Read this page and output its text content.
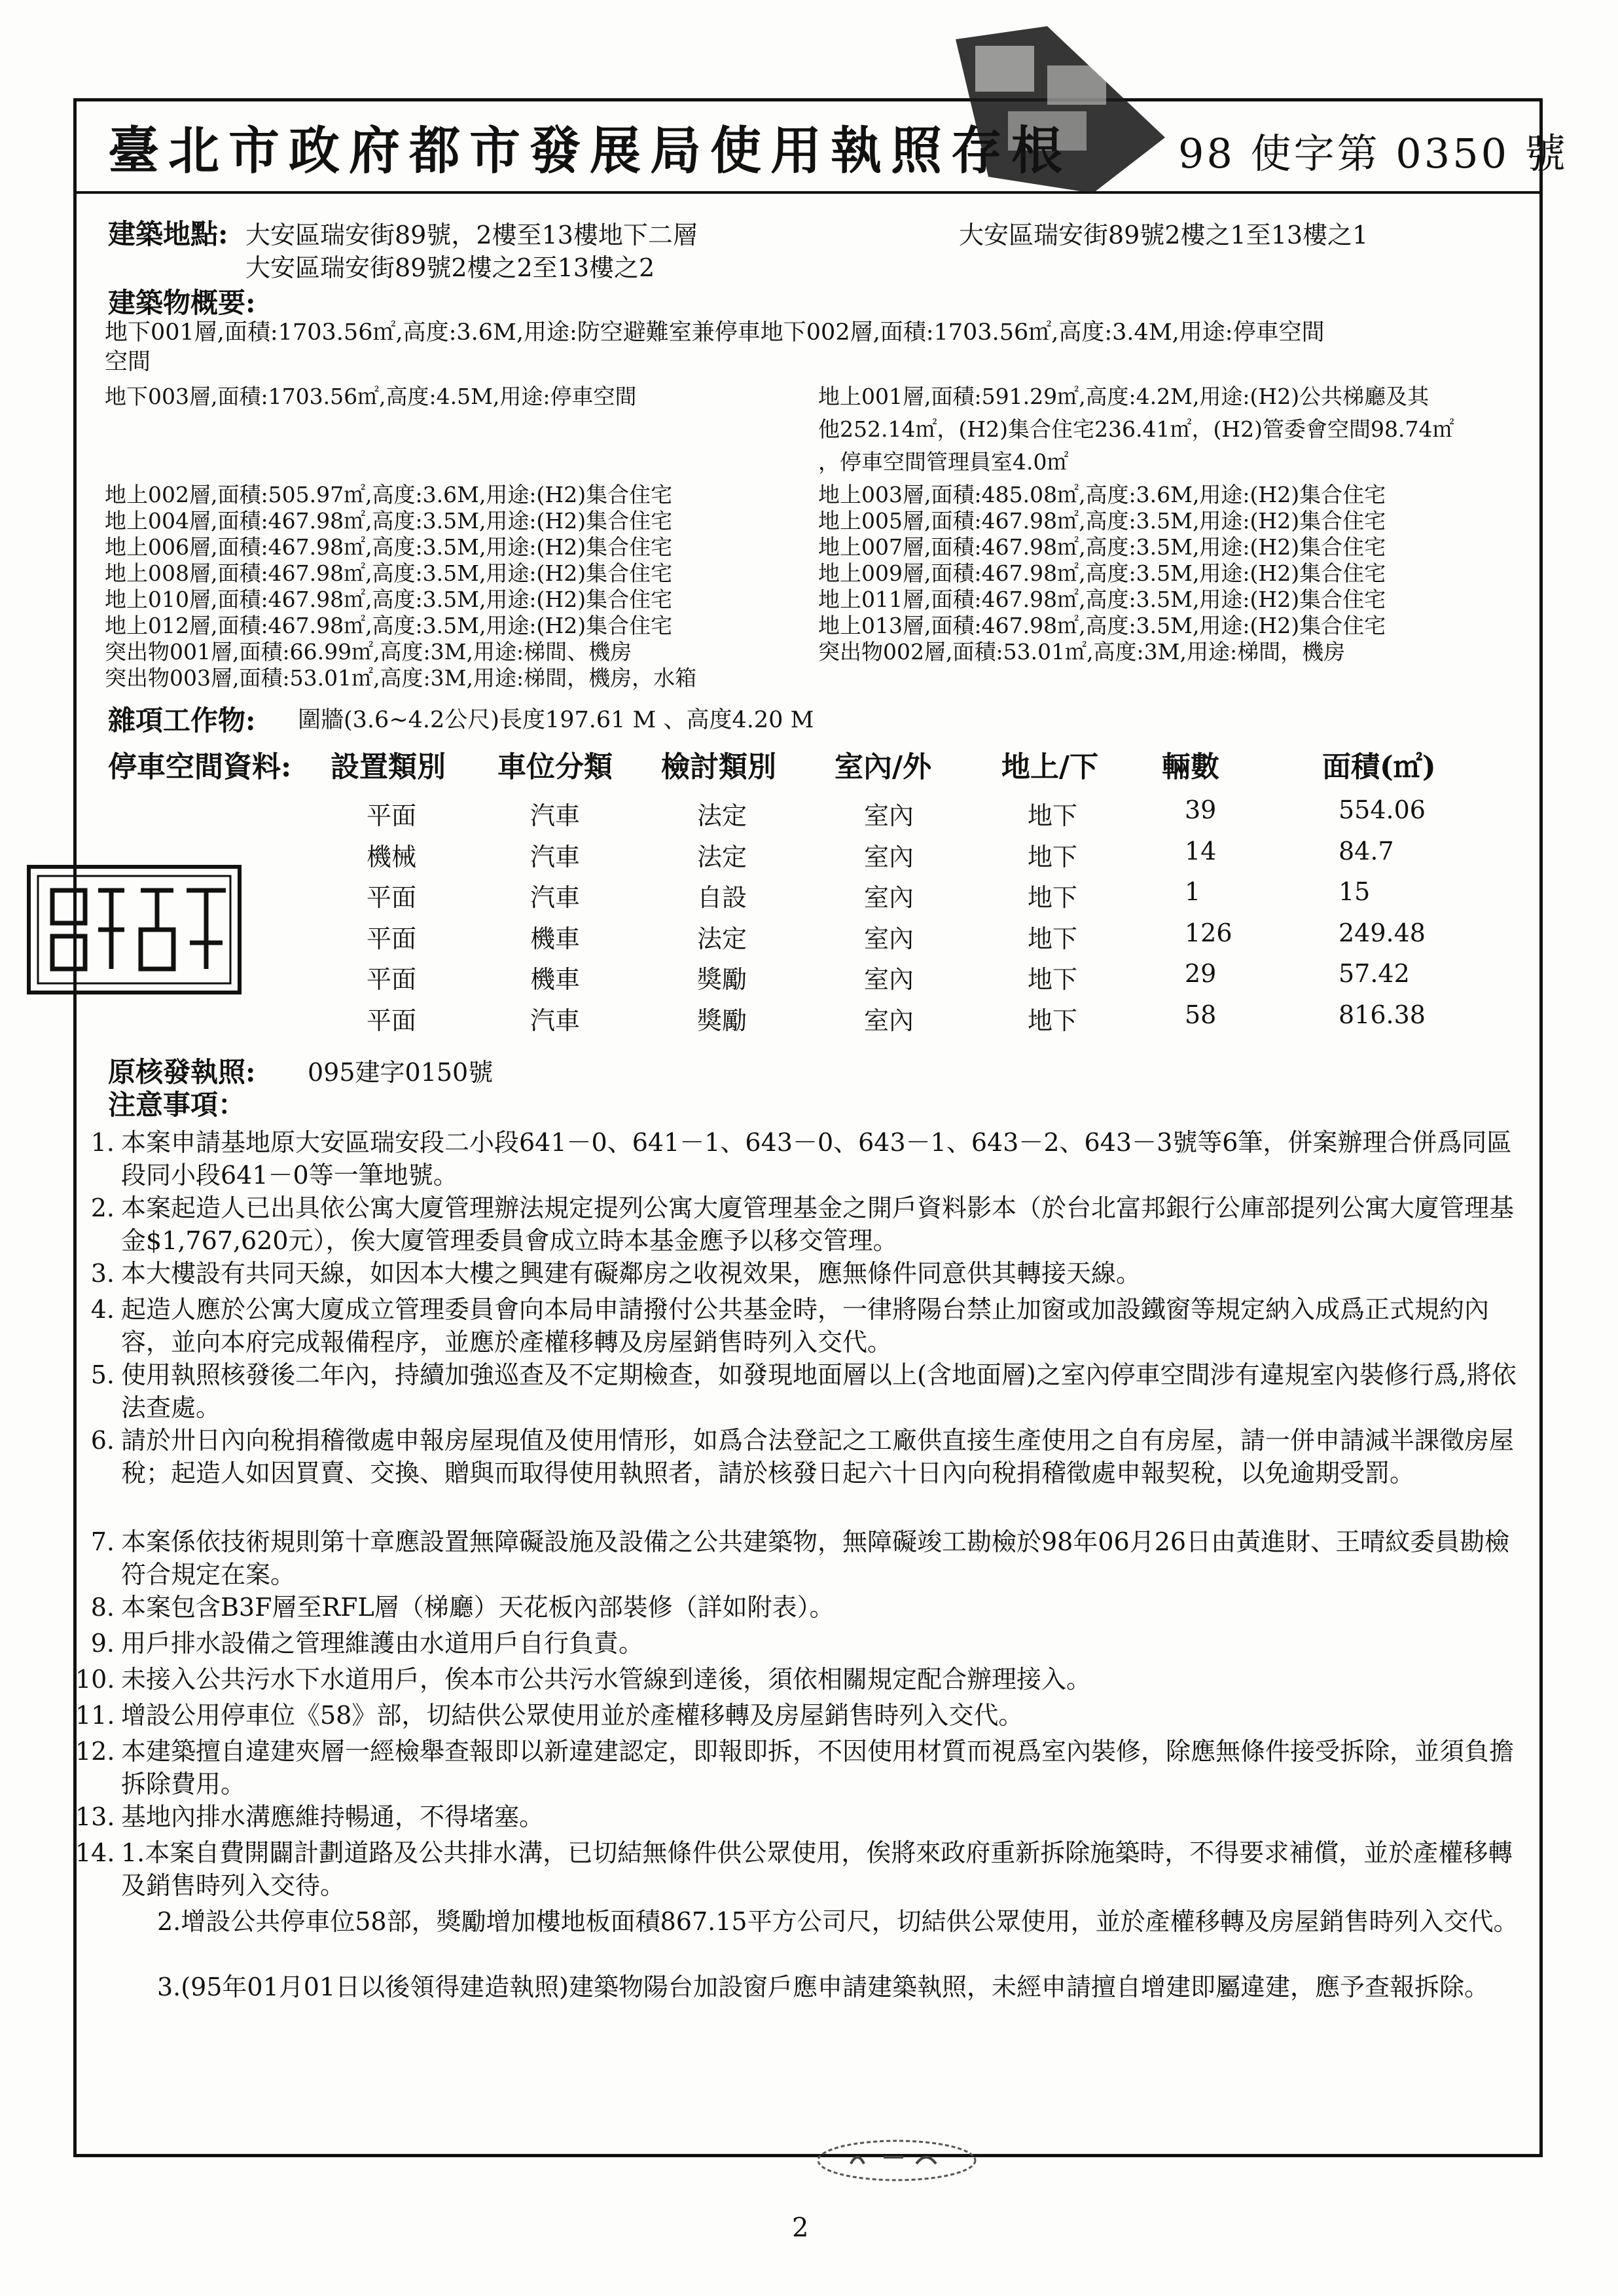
臺北市政府都市發展局使用執照存根	98 使字第 0350 號
建築地點: 大安區瑞安街89號，2樓至13樓地下二層	大安區瑞安街89號2樓之1至13樓之1
大安區瑞安街89號2樓之2至13樓之2
建築物概要:
地下001層,面積:1703.56㎡,高度:3.6M,用途:防空避難室兼停車地下002層,面積:1703.56㎡,高度:3.4M,用途:停車空間
空間
地下003層,面積:1703.56㎡,高度:4.5M,用途:停車空間
地上002層,面積:505.97㎡,高度:3.6M,用途:(H2)集合住宅
地上004層,面積:467.98㎡,高度:3.5M,用途:(H2)集合住宅
地上006層,面積:467.98㎡,高度:3.5M,用途:(H2)集合住宅
地上008層,面積:467.98㎡,高度:3.5M,用途:(H2)集合住宅
地上010層,面積:467.98㎡,高度:3.5M,用途:(H2)集合住宅
地上012層,面積:467.98㎡,高度:3.5M,用途:(H2)集合住宅
突出物001層,面積:66.99㎡,高度:3M,用途:梯間、機房
突出物003層,面積:53.01㎡,高度:3M,用途:梯間，機房，水箱
地上001層,面積:591.29㎡,高度:4.2M,用途:(H2)公共梯廳及其
他252.14㎡，(H2)集合住宅236.41㎡，(H2)管委會空間98.74㎡
，停車空間管理員室4.0㎡
地上003層,面積:485.08㎡,高度:3.6M,用途:(H2)集合住宅
地上005層,面積:467.98㎡,高度:3.5M,用途:(H2)集合住宅
地上007層,面積:467.98㎡,高度:3.5M,用途:(H2)集合住宅
地上009層,面積:467.98㎡,高度:3.5M,用途:(H2)集合住宅
地上011層,面積:467.98㎡,高度:3.5M,用途:(H2)集合住宅
地上013層,面積:467.98㎡,高度:3.5M,用途:(H2)集合住宅
突出物002層,面積:53.01㎡,高度:3M,用途:梯間，機房
雜項工作物: 圍牆(3.6~4.2公尺)長度197.61 M 、高度4.20 M
停車空間資料: 設置類別 車位分類 檢討類別 室內/外 地上/下 輛數	面積(㎡)
平面	汽車	法定	室內	地下	39	554.06
機械	汽車	法定	室內	地下	14	84.7
平面	汽車	自設	室內	地下	1	15
平面	機車	法定	室內	地下	126	249.48
平面	機車	獎勵	室內	地下	29	57.42
平面	汽車	獎勵	室內	地下	58	816.38
原核發執照: 095建字0150號
注意事項：
1. 本案申請基地原大安區瑞安段二小段641－0、641－1、643－0、643－1、643－2、643－3號等6筆，併案辦理合併爲同區段同小段641－0等一筆地號。
2. 本案起造人已出具依公寓大廈管理辦法規定提列公寓大廈管理基金之開戶資料影本（於台北富邦銀行公庫部提列公寓大廈管理基金$1,767,620元），俟大廈管理委員會成立時本基金應予以移交管理。
3. 本大樓設有共同天線，如因本大樓之興建有礙鄰房之收視效果，應無條件同意供其轉接天線。
4. 起造人應於公寓大廈成立管理委員會向本局申請撥付公共基金時，一律將陽台禁止加窗或加設鐵窗等規定納入成爲正式規約內容，並向本府完成報備程序，並應於產權移轉及房屋銷售時列入交代。
5. 使用執照核發後二年內，持續加強巡查及不定期檢查，如發現地面層以上(含地面層)之室內停車空間涉有違規室內裝修行爲,將依法查處。
6. 請於卅日內向稅捐稽徵處申報房屋現值及使用情形，如爲合法登記之工廠供直接生產使用之自有房屋，請一併申請減半課徵房屋稅；起造人如因買賣、交換、贈與而取得使用執照者，請於核發日起六十日內向稅捐稽徵處申報契稅，以免逾期受罰。
7. 本案係依技術規則第十章應設置無障礙設施及設備之公共建築物，無障礙竣工勘檢於98年06月26日由黃進財、王晴紋委員勘檢符合規定在案。
8. 本案包含B3F層至RFL層（梯廳）天花板內部裝修（詳如附表）。
9. 用戶排水設備之管理維護由水道用戶自行負責。
10. 未接入公共污水下水道用戶，俟本市公共污水管線到達後，須依相關規定配合辦理接入。
11. 增設公用停車位《58》部，切結供公眾使用並於產權移轉及房屋銷售時列入交代。
12. 本建築擅自違建夾層一經檢舉查報即以新違建認定，即報即拆，不因使用材質而視爲室內裝修，除應無條件接受拆除，並須負擔拆除費用。
13. 基地內排水溝應維持暢通，不得堵塞。
14. 1.本案自費開闢計劃道路及公共排水溝，已切結無條件供公眾使用，俟將來政府重新拆除施築時，不得要求補償，並於產權移轉及銷售時列入交待。
2.增設公共停車位58部，獎勵增加樓地板面積867.15平方公司尺，切結供公眾使用，並於產權移轉及房屋銷售時列入交代。
3.(95年01月01日以後領得建造執照)建築物陽台加設窗戶應申請建築執照，未經申請擅自增建即屬違建，應予查報拆除。
2
